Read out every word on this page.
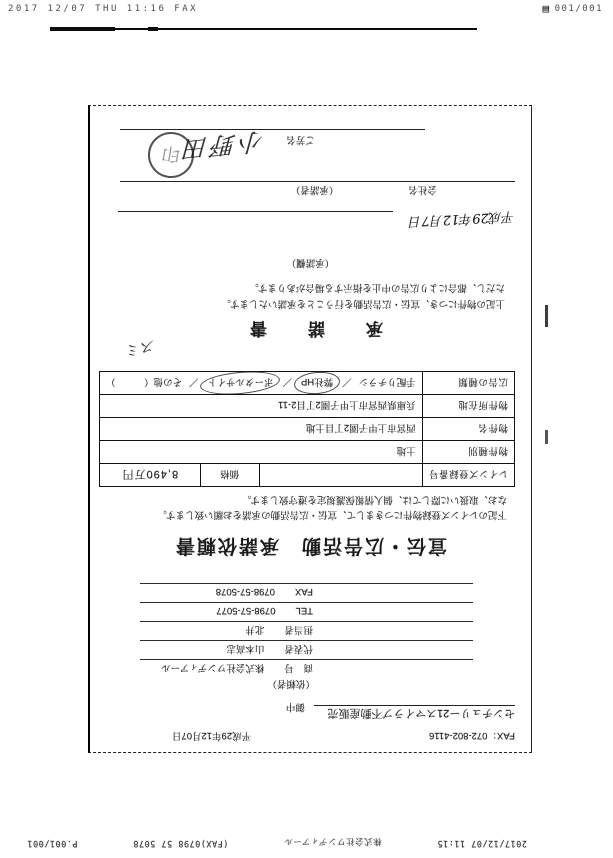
2017 12/07 THU 11:16 FAX	▤ 001/001
2017/12/07 11:15
株式会社ワンディアール
(FAX)0798 57 5078
P.001/001
FAX：072-802-4116
平成29年12月07日
センチュリー21スマイラブ不動産販売 御中
（依頼者）
商　号
株式会社ワンディアール
代表者
山本高志
担当者
北井
TEL
0798-57-5077
FAX
0798-57-5078
宣伝・広告活動　承諾依頼書
下記のレインズ登録物件につきまして、宣伝・広告活動の承諾をお願い致します。
なお、取扱いに際しては、個人情報保護規定を遵守致します。
レインズ登録番号		価格	8,490万円
物件種別	土地		
物件名	西宮市上甲子園2丁目土地		
物件所在地	兵庫県西宮市上甲子園2丁目2-11		
広告の種類	手配りチラシ／弊社HP／ポータルサイト／その他（　　　）		
承　諾　書
スミ
上記の物件につき、宣伝・広告活動を行うことを承諾いたします。
ただし、都合により広告の中止を指示する場合があります。
（承諾欄）
平成29年12月7日
会社名
（承諾者）
ご芳名
小野田
印
